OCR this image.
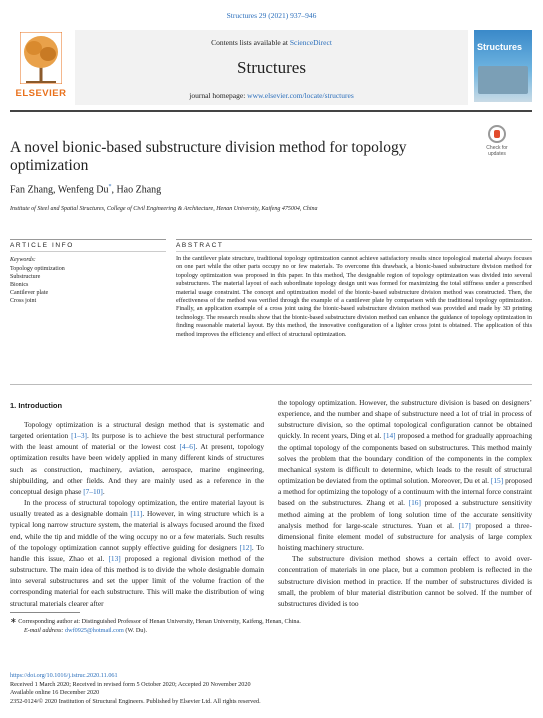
Structures 29 (2021) 937–946
ELSEVIER
Contents lists available at ScienceDirect
Structures
journal homepage: www.elsevier.com/locate/structures
Structures
A novel bionic-based substructure division method for topology optimization
Check for updates
Fan Zhang, Wenfeng Du*, Hao Zhang
Institute of Steel and Spatial Structures, College of Civil Engineering & Architecture, Henan University, Kaifeng 475004, China
ARTICLE INFO	ABSTRACT
Keywords:
Topology optimization
Substructure
Bionics
Cantilever plate
Cross joint
In the cantilever plate structure, traditional topology optimization cannot achieve satisfactory results since topological material always focuses on one part while the other parts occupy no or few materials. To overcome this drawback, a bionic-based substructure division method for topology optimization was proposed in this paper. In this method, The designable region of topology optimization was divided into several substructures. The material layout of each subordinate topology design unit was formed for maximizing the total stiffness under a prescribed material usage constraint. The concept and optimization model of the bionic-based substructure division method was constructed. Then, the effectiveness of the method was verified through the example of a cantilever plate by comparison with the traditional topology optimization. Finally, an application example of a cross joint using the bionic-based substructure division method was provided and made by 3D printing technology. The research results show that the bionic-based substructure division method can enhance the guidance of topology optimization in finding reasonable material layout. By this method, the innovative configuration of a lighter cross joint is obtained. The application of this method improves the efficiency and effect of structural optimization.
1. Introduction

Topology optimization is a structural design method that is systematic and targeted orientation [1–3]. Its purpose is to achieve the best structural performance with the least amount of material or the lowest cost [4–6]. At present, topology optimization results have been widely applied in many different kinds of structures such as construction, machinery, aviation, aerospace, marine engineering, shipbuilding, and other fields. And they are mainly used as a reference in the conceptual design phase [7–10].

In the process of structural topology optimization, the entire material layout is usually treated as a designable domain [11]. However, in wing structure which is a typical long narrow structure system, the material is always focused around the fixed end, while the tip and middle of the wing occupy no or a few materials. Such results of the topology optimization cannot supply effective guiding for designers [12]. To handle this issue, Zhao et al. [13] proposed a regional division method of the substructure. The main idea of this method is to divide the whole designable domain into several substructures and set the upper limit of the volume fraction of the corresponding material for each substructure. This will make the distribution of wing structural materials clearer after

the topology optimization. However, the substructure division is based on designers’ experience, and the number and shape of substructure need a lot of trial in process of substructure division, so the optimal topological configuration cannot be obtained quickly. In recent years, Ding et al. [14] proposed a method for gradually approaching the optimal topology of the components based on substructures. This method mainly solves the problem that the boundary condition of the components in the complex mechanical system is difficult to determine, which leads to the result of structural optimization be deviated from the optimal solution. Moreover, Du et al. [15] proposed a method for optimizing the topology of a continuum with the internal force constraint based on the substructures. Zhang et al. [16] proposed a substructure sensitivity method aiming at the problem of long solution time of the accurate sensitivity analysis method for large-scale structures. Yuan et al. [17] proposed a three-dimensional finite element model of substructure for analysis of large complex hoisting machinery structure.

The substructure division method shows a certain effect to avoid over-concentration of materials in one place, but a common problem is reflected in the substructure division method in practice. If the number of substructures divided is small, the problem of blur material distribution cannot be solved. If the number of substructures divided is too

∗ Corresponding author at: Distinguished Professor of Henan University, Henan University, Kaifeng, Henan, China.
E-mail address: dwf0925@hotmail.com (W. Du).
https://doi.org/10.1016/j.istruc.2020.11.061
Received 1 March 2020; Received in revised form 5 October 2020; Accepted 20 November 2020
Available online 16 December 2020
2352-0124/© 2020 Institution of Structural Engineers. Published by Elsevier Ltd. All rights reserved.
